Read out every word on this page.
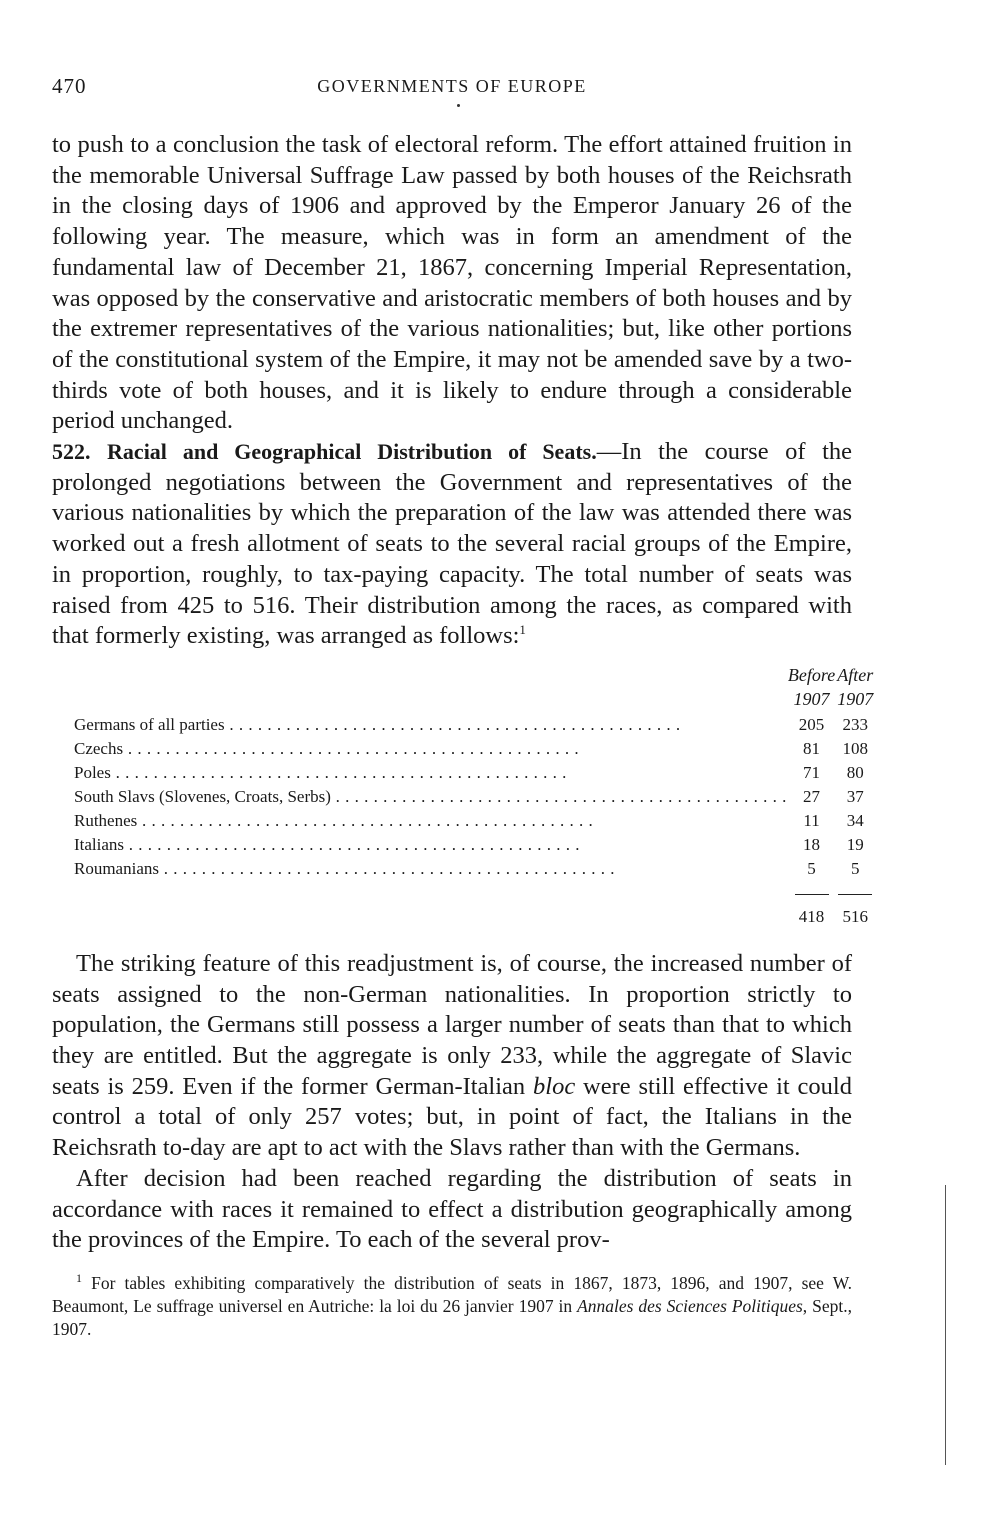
470	GOVERNMENTS OF EUROPE

to push to a conclusion the task of electoral reform. The effort attained fruition in the memorable Universal Suffrage Law passed by both houses of the Reichsrath in the closing days of 1906 and approved by the Emperor January 26 of the following year. The measure, which was in form an amendment of the fundamental law of December 21, 1867, concerning Imperial Representation, was opposed by the conservative and aristocratic members of both houses and by the extremer representatives of the various nationalities; but, like other portions of the constitutional system of the Empire, it may not be amended save by a two-thirds vote of both houses, and it is likely to endure through a considerable period unchanged.

522. Racial and Geographical Distribution of Seats.—In the course of the prolonged negotiations between the Government and representatives of the various nationalities by which the preparation of the law was attended there was worked out a fresh allotment of seats to the several racial groups of the Empire, in proportion, roughly, to tax-paying capacity. The total number of seats was raised from 425 to 516. Their distribution among the races, as compared with that formerly existing, was arranged as follows:$^1$

	Before 1907	After 1907
Germans of all parties . . .	205	233
Czechs . . .	81	108
Poles . . .	71	80
South Slavs (Slovenes, Croats, Serbs) . . .	27	37
Ruthenes . . .	11	34
Italians . . .	18	19
Roumanians . . .	5	5

	418	516

The striking feature of this readjustment is, of course, the increased number of seats assigned to the non-German nationalities. In proportion strictly to population, the Germans still possess a larger number of seats than that to which they are entitled. But the aggregate is only 233, while the aggregate of Slavic seats is 259. Even if the former German-Italian bloc were still effective it could control a total of only 257 votes; but, in point of fact, the Italians in the Reichsrath to-day are apt to act with the Slavs rather than with the Germans.

After decision had been reached regarding the distribution of seats in accordance with races it remained to effect a distribution geographically among the provinces of the Empire. To each of the several prov-

$^1$ For tables exhibiting comparatively the distribution of seats in 1867, 1873, 1896, and 1907, see W. Beaumont, Le suffrage universel en Autriche: la loi du 26 janvier 1907 in Annales des Sciences Politiques, Sept., 1907.
